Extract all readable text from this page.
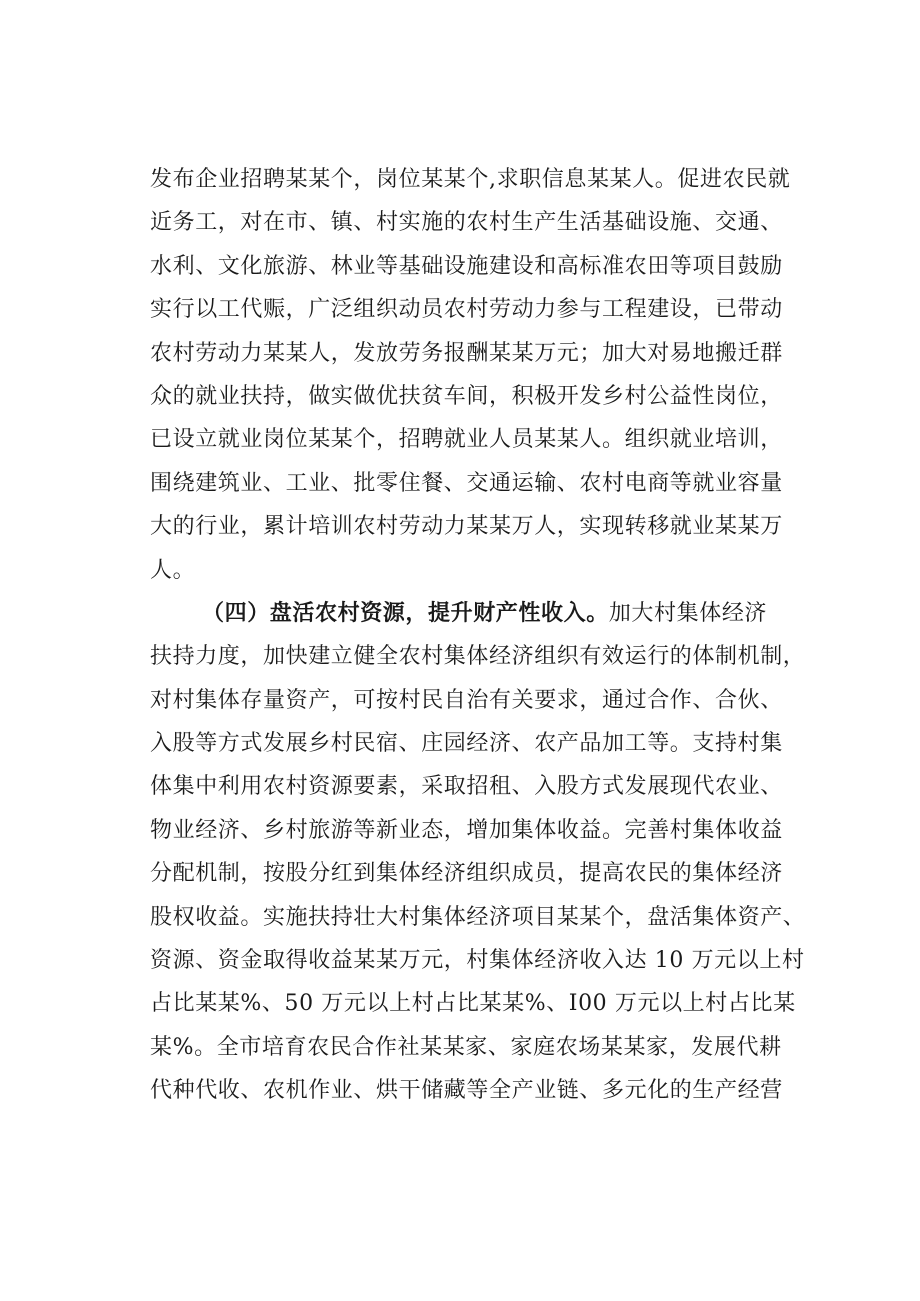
发布企业招聘某某个，岗位某某个,求职信息某某人。促进农民就
近务工，对在市、镇、村实施的农村生产生活基础设施、交通、
水利、文化旅游、林业等基础设施建设和高标准农田等项目鼓励
实行以工代赈，广泛组织动员农村劳动力参与工程建设，已带动
农村劳动力某某人，发放劳务报酬某某万元；加大对易地搬迁群
众的就业扶持，做实做优扶贫车间，积极开发乡村公益性岗位，
已设立就业岗位某某个，招聘就业人员某某人。组织就业培训，
围绕建筑业、工业、批零住餐、交通运输、农村电商等就业容量
大的行业，累计培训农村劳动力某某万人，实现转移就业某某万
人。
（四）盘活农村资源，提升财产性收入。加大村集体经济
扶持力度，加快建立健全农村集体经济组织有效运行的体制机制，
对村集体存量资产，可按村民自治有关要求，通过合作、合伙、
入股等方式发展乡村民宿、庄园经济、农产品加工等。支持村集
体集中利用农村资源要素，采取招租、入股方式发展现代农业、
物业经济、乡村旅游等新业态，增加集体收益。完善村集体收益
分配机制，按股分红到集体经济组织成员，提高农民的集体经济
股权收益。实施扶持壮大村集体经济项目某某个，盘活集体资产、
资源、资金取得收益某某万元，村集体经济收入达 10 万元以上村
占比某某%、50 万元以上村占比某某%、I00 万元以上村占比某
某%。全市培育农民合作社某某家、家庭农场某某家，发展代耕
代种代收、农机作业、烘干储藏等全产业链、多元化的生产经营
